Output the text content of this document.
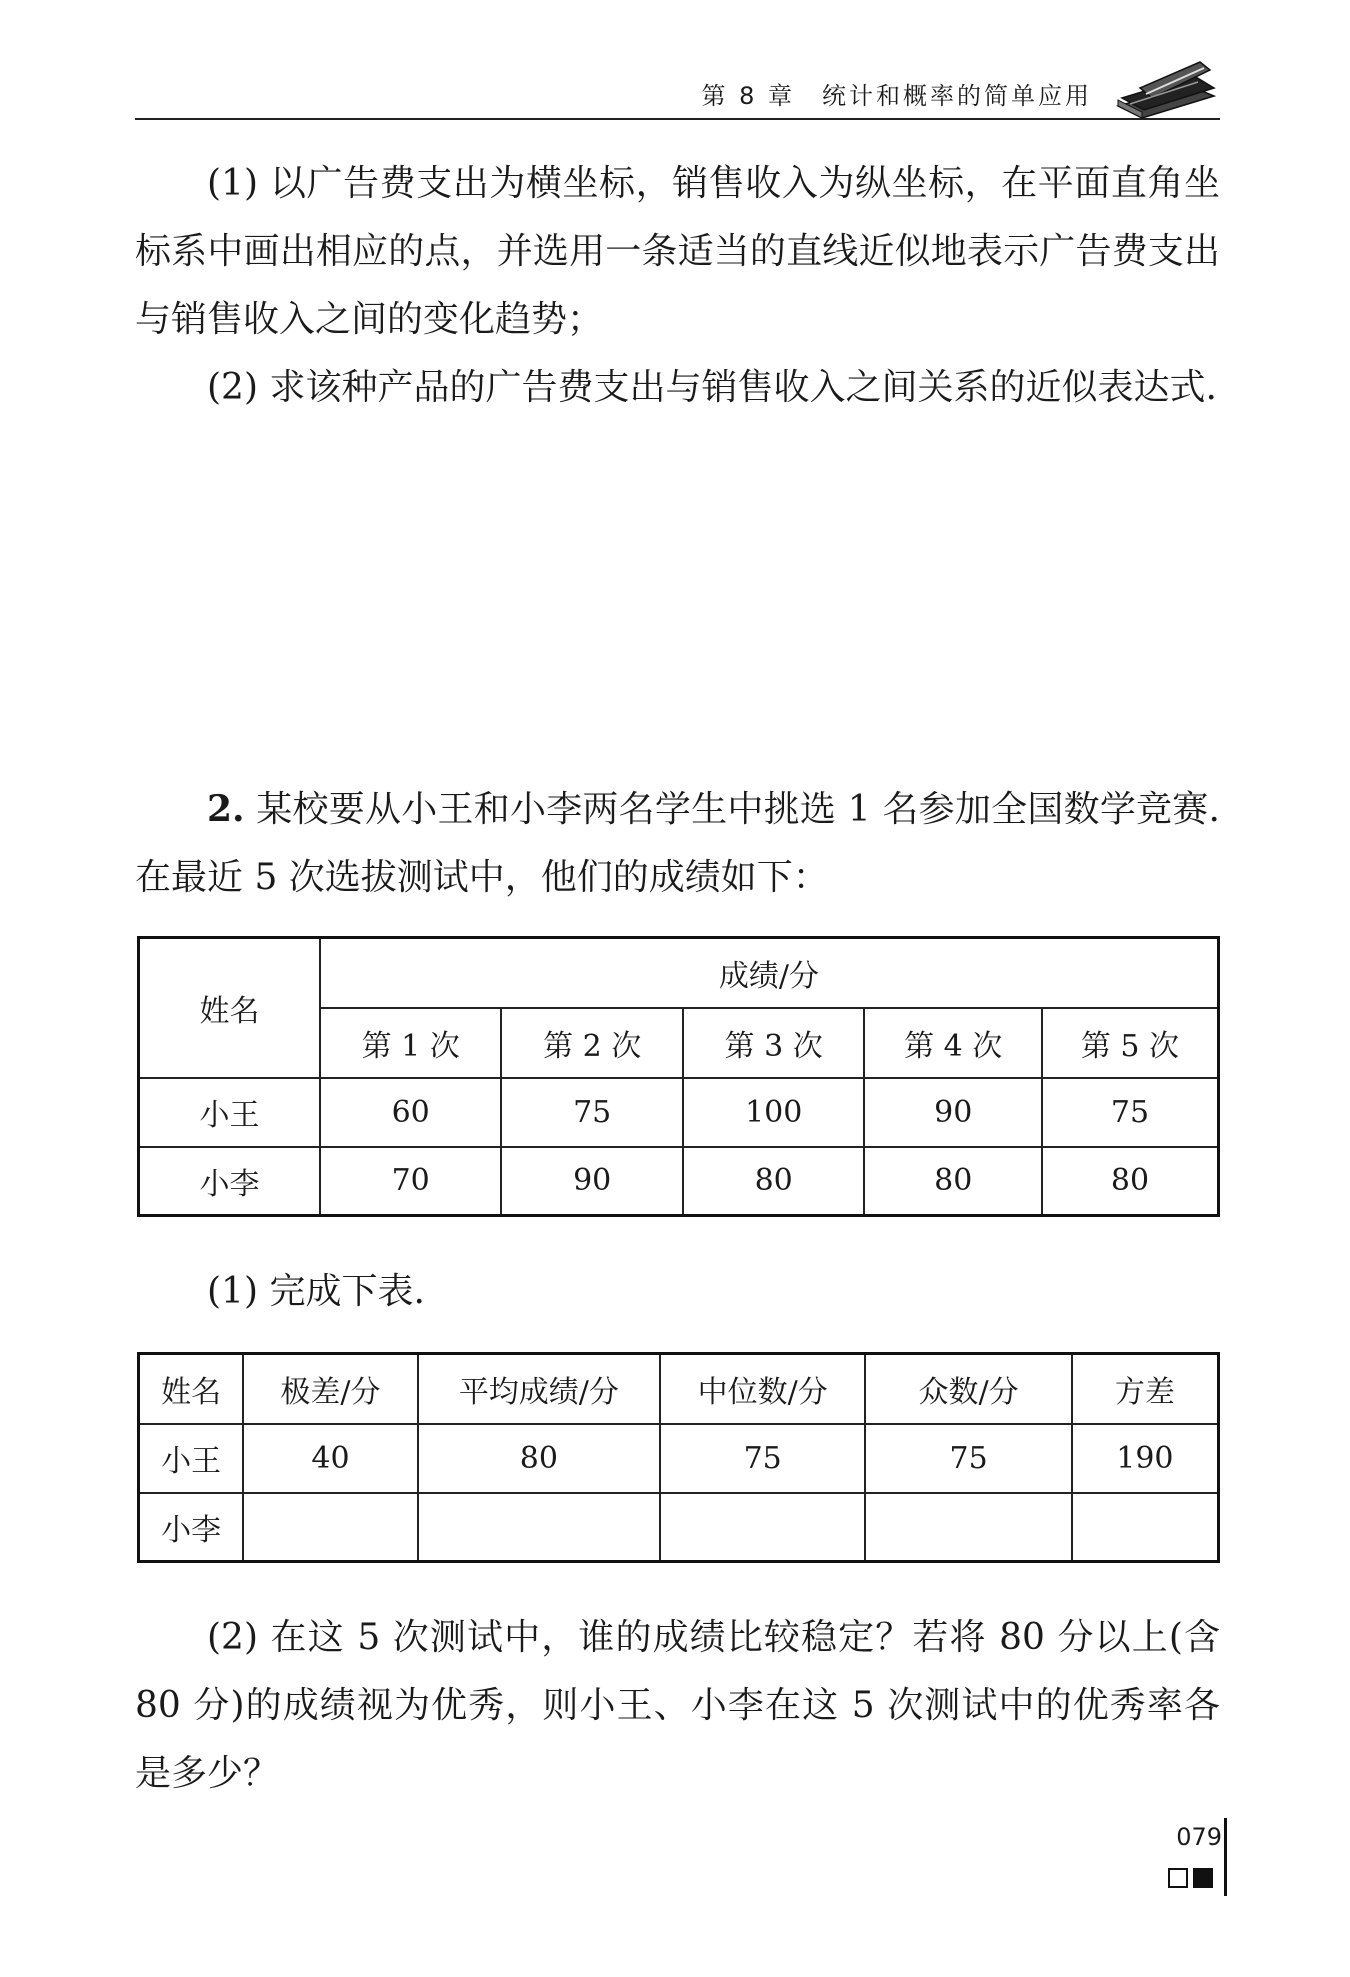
第 8 章　统计和概率的简单应用

(1) 以广告费支出为横坐标，销售收入为纵坐标，在平面直角坐标系中画出相应的点，并选用一条适当的直线近似地表示广告费支出与销售收入之间的变化趋势；

(2) 求该种产品的广告费支出与销售收入之间关系的近似表达式.

2. 某校要从小王和小李两名学生中挑选 1 名参加全国数学竞赛. 在最近 5 次选拔测试中，他们的成绩如下：

姓名	成绩/分				
	第 1 次	第 2 次	第 3 次	第 4 次	第 5 次
小王	60	75	100	90	75
小李	70	90	80	80	80

(1) 完成下表.

姓名	极差/分	平均成绩/分	中位数/分	众数/分	方差
小王	40	80	75	75	190
小李					

(2) 在这 5 次测试中，谁的成绩比较稳定？若将 80 分以上(含 80 分)的成绩视为优秀，则小王、小李在这 5 次测试中的优秀率各是多少？

079
